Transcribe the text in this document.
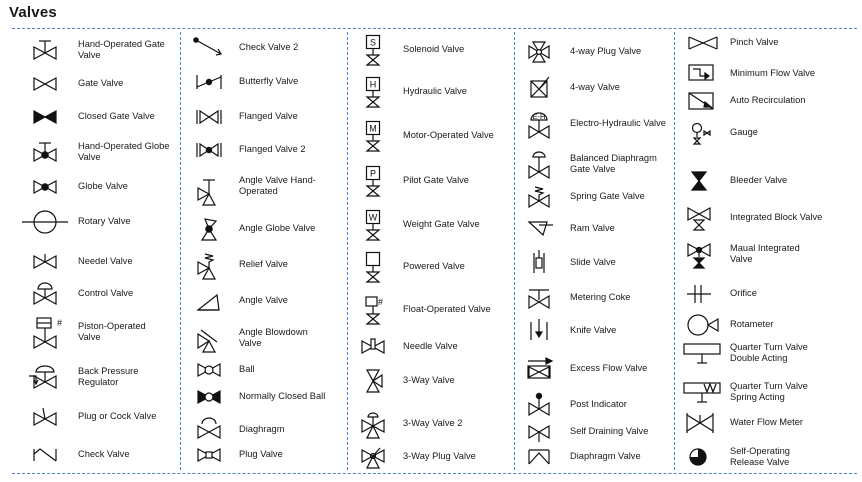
Valves
Hand-Operated Gate Valve
Gate Valve
Closed Gate Valve
Hand-Operated Globe Valve
Globe Valve
Rotary Valve
Needel Valve
Control Valve
# Piston-Operated Valve
Back Pressure Regulator
Plug or Cock Valve
Check Valve
Check Valve 2
Butterfly Valve
Flanged Valve
Flanged Valve 2
Angle Valve Hand-Operated
Angle Globe Valve
Relief Valve
Angle Valve
Angle Blowdown Valve
Ball
Normally Closed Ball
Diaghragm
Plug Valve
S
Solenoid Valve
H
Hydraulic Valve
M
Motor-Operated Valve
P
Pilot Gate Valve
W
Weight Gate Valve
Powered Valve
#
Float-Operated Valve
Needle Valve
3-Way Valve
3-Way Valve 2
3-Way Plug Valve
4-way Plug Valve
4-way Valve
E-H
Electro-Hydraulic Valve
Balanced Diaphragm Gate Valve
Spring Gate Valve
Ram Valve
Slide Valve
Metering Coke
Knife Valve
Excess Flow Valve
Post Indicator
Self Draining Valve
Diaphragm Valve
Pinch Valve
Minimum Flow Valve
Auto Recirculation
Gauge
Bleeder Valve
Integrated Block Valve
Maual Integrated Valve
Orifice
Rotameter
Quarter Turn Valve Double Acting
Quarter Turn Valve Spring Acting
Water Flow Meter
Self-Operating Release Valve
